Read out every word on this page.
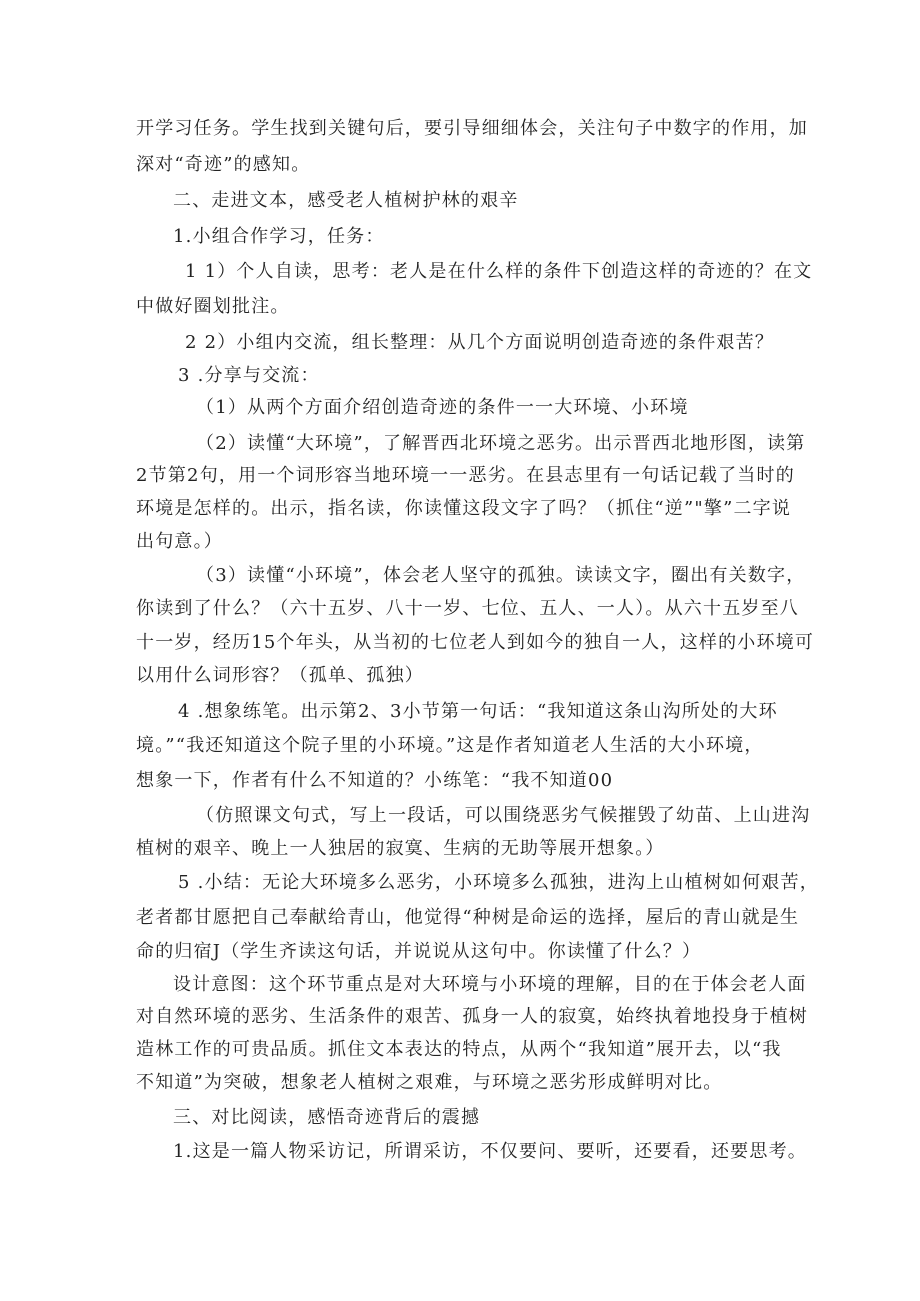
开学习任务。学生找到关键句后，要引导细细体会，关注句子中数字的作用，加
深对“奇迹”的感知。
二、走进文本，感受老人植树护林的艰辛
1.小组合作学习，任务：
1 1）个人自读，思考：老人是在什么样的条件下创造这样的奇迹的？在文
中做好圈划批注。
2 2）小组内交流，组长整理：从几个方面说明创造奇迹的条件艰苦？
3 .分享与交流：
（1）从两个方面介绍创造奇迹的条件一一大环境、小环境
（2）读懂“大环境”，了解晋西北环境之恶劣。出示晋西北地形图，读第
2节第2句，用一个词形容当地环境一一恶劣。在县志里有一句话记载了当时的
环境是怎样的。出示，指名读，你读懂这段文字了吗？（抓住“逆”"擎”二字说
出句意。）
（3）读懂“小环境”，体会老人坚守的孤独。读读文字，圈出有关数字，
你读到了什么？（六十五岁、八十一岁、七位、五人、一人）。从六十五岁至八
十一岁，经历15个年头，从当初的七位老人到如今的独自一人，这样的小环境可
以用什么词形容？（孤单、孤独）
4 .想象练笔。出示第2、3小节第一句话：“我知道这条山沟所处的大环
境。”“我还知道这个院子里的小环境。”这是作者知道老人生活的大小环境，
想象一下，作者有什么不知道的？小练笔：“我不知道00
（仿照课文句式，写上一段话，可以围绕恶劣气候摧毁了幼苗、上山进沟
植树的艰辛、晚上一人独居的寂寞、生病的无助等展开想象。）
5 .小结：无论大环境多么恶劣，小环境多么孤独，进沟上山植树如何艰苦，
老者都甘愿把自己奉献给青山，他觉得“种树是命运的选择，屋后的青山就是生
命的归宿J（学生齐读这句话，并说说从这句中。你读懂了什么？）
设计意图：这个环节重点是对大环境与小环境的理解，目的在于体会老人面
对自然环境的恶劣、生活条件的艰苦、孤身一人的寂寞，始终执着地投身于植树
造林工作的可贵品质。抓住文本表达的特点，从两个“我知道”展开去，以“我
不知道”为突破，想象老人植树之艰难，与环境之恶劣形成鲜明对比。
三、对比阅读，感悟奇迹背后的震撼
1.这是一篇人物采访记，所谓采访，不仅要问、要听，还要看，还要思考。
